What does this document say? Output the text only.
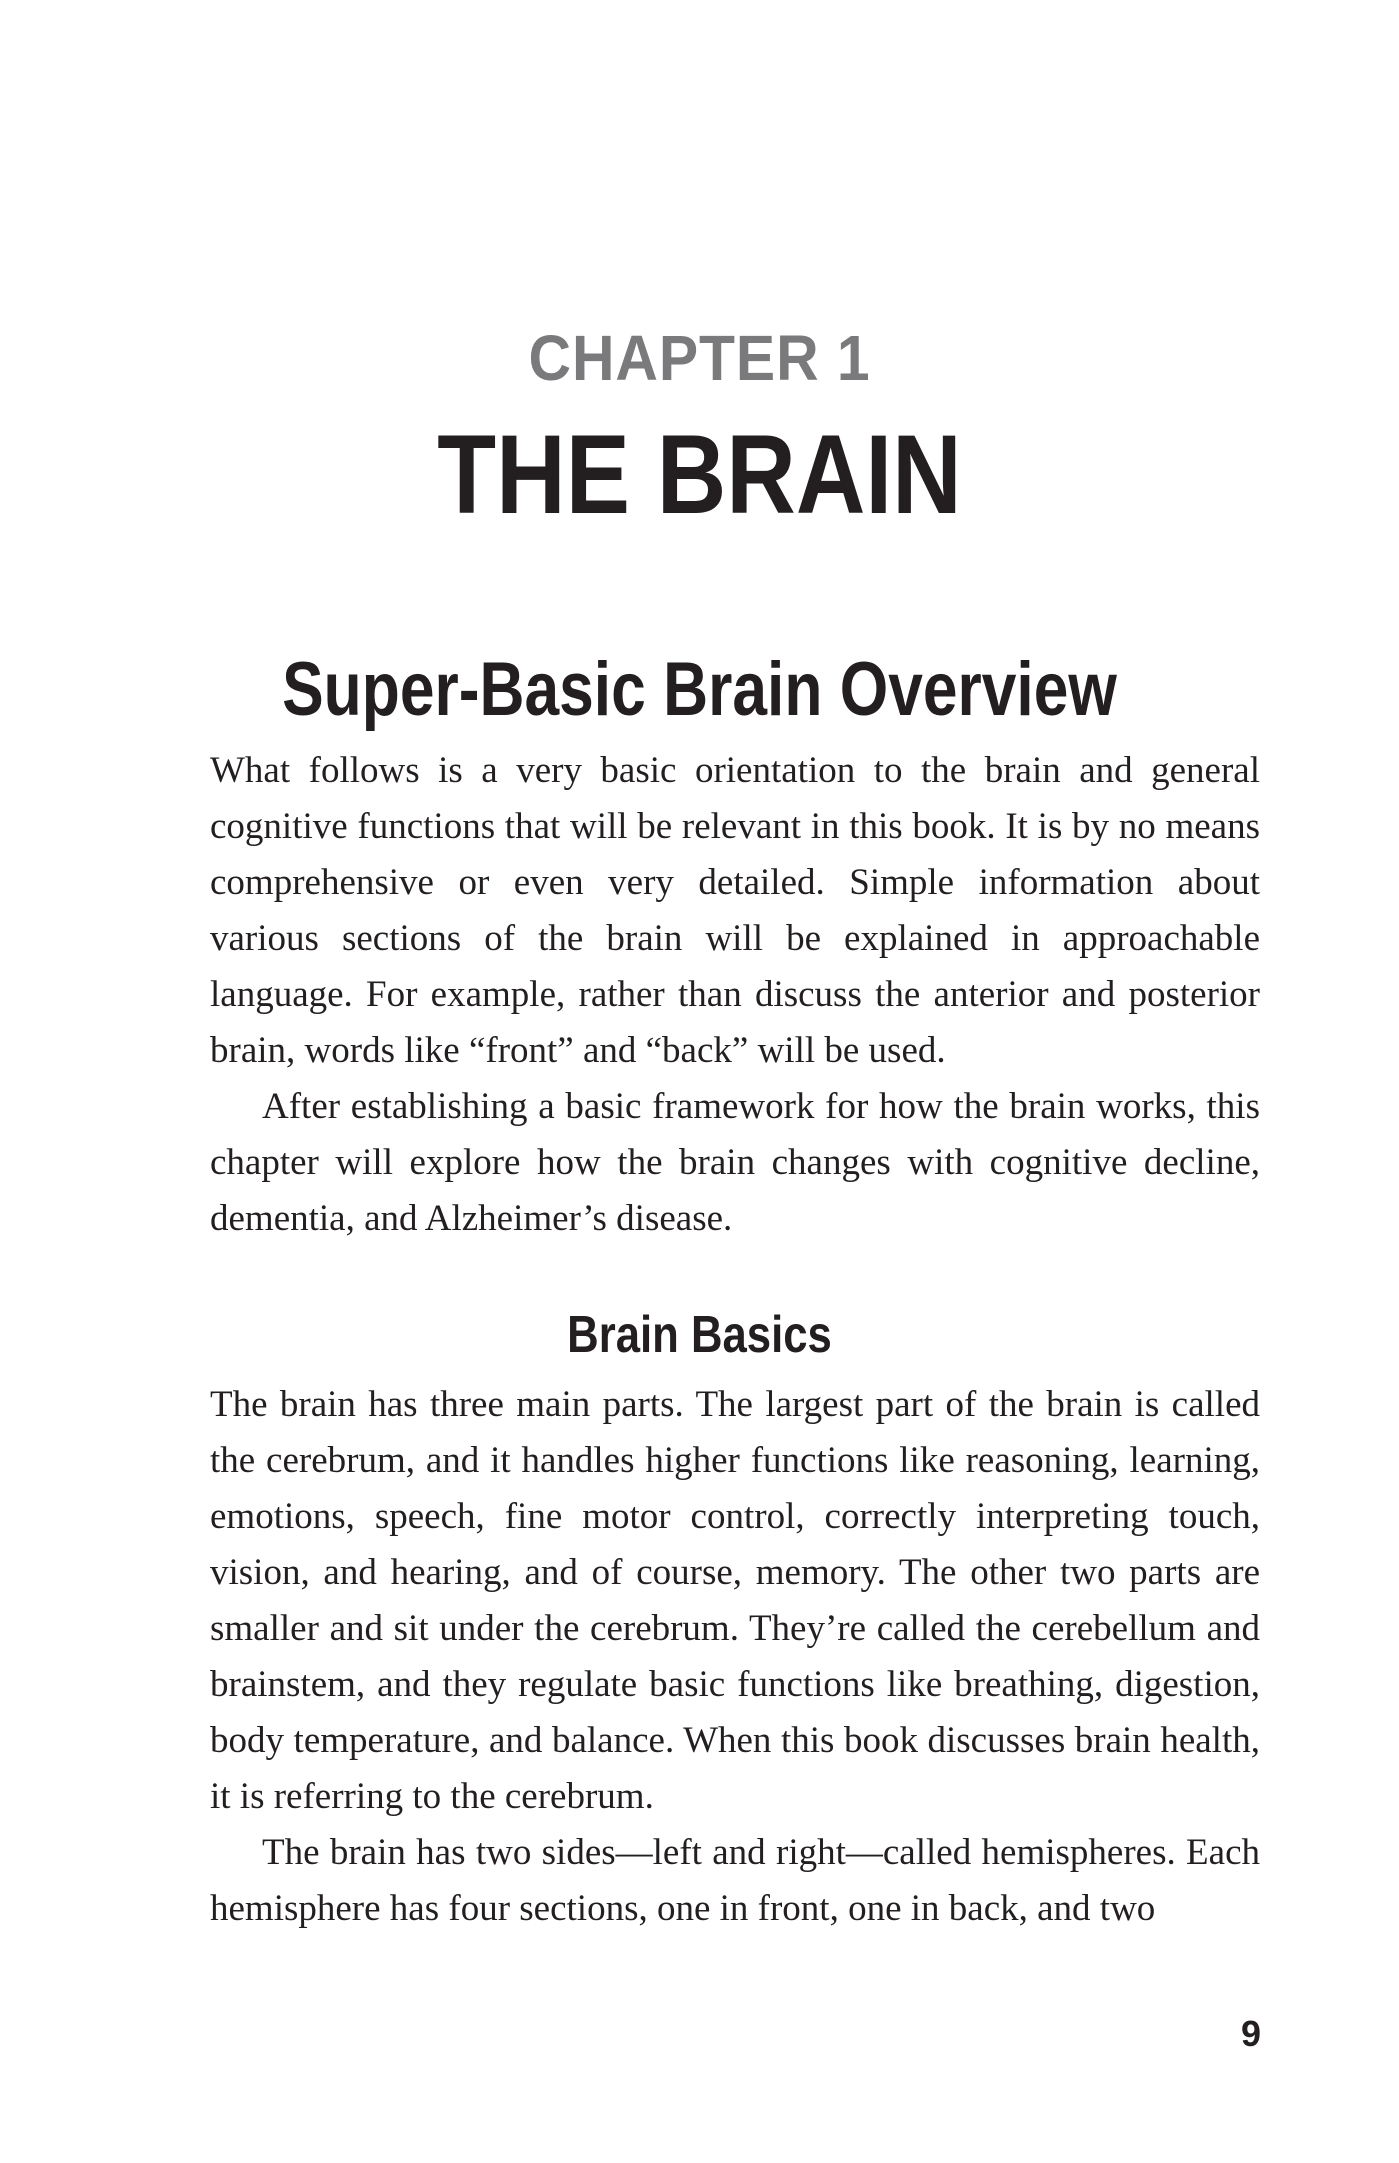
CHAPTER 1
THE BRAIN
Super-Basic Brain Overview

What follows is a very basic orientation to the brain and general cognitive functions that will be relevant in this book. It is by no means comprehensive or even very detailed. Simple information about various sections of the brain will be explained in approachable language. For example, rather than discuss the anterior and posterior brain, words like “front” and “back” will be used.

After establishing a basic framework for how the brain works, this chapter will explore how the brain changes with cognitive decline, dementia, and Alzheimer’s disease.

Brain Basics

The brain has three main parts. The largest part of the brain is called the cerebrum, and it handles higher functions like reasoning, learning, emotions, speech, fine motor control, correctly interpreting touch, vision, and hearing, and of course, memory. The other two parts are smaller and sit under the cerebrum. They’re called the cerebellum and brainstem, and they regulate basic functions like breathing, digestion, body temperature, and balance. When this book discusses brain health, it is referring to the cerebrum.

The brain has two sides—left and right—called hemispheres. Each hemisphere has four sections, one in front, one in back, and two

9
